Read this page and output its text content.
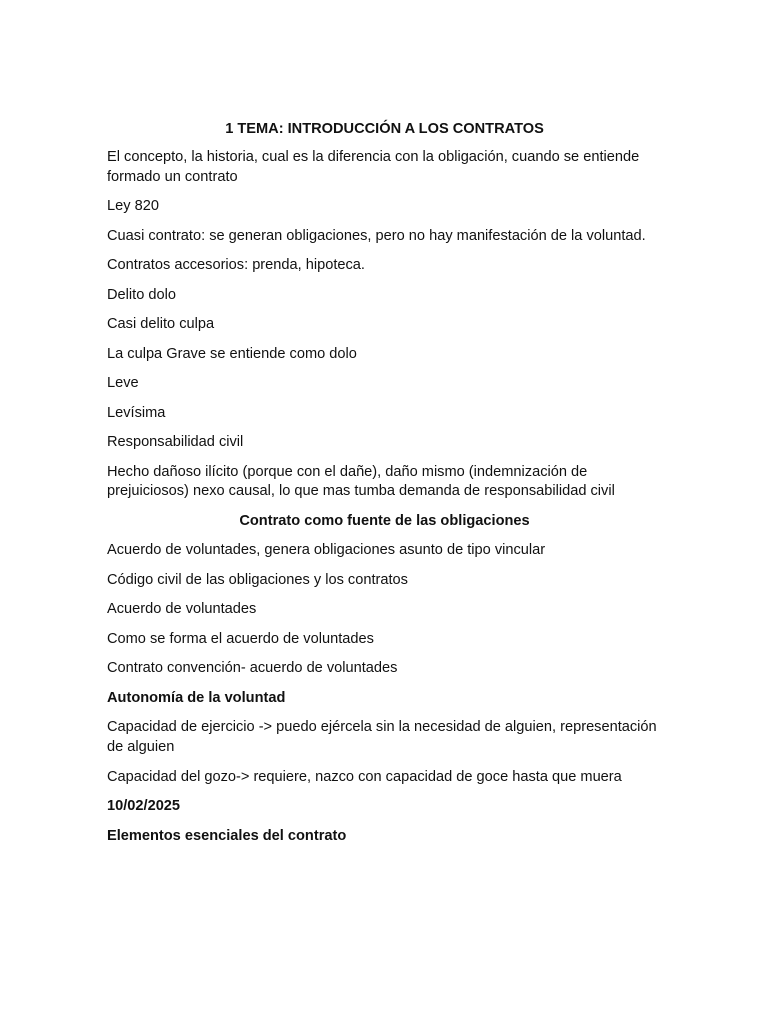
1 TEMA: INTRODUCCIÓN A LOS CONTRATOS

El concepto, la historia, cual es la diferencia con la obligación, cuando se entiende formado un contrato

Ley 820

Cuasi contrato: se generan obligaciones, pero no hay manifestación de la voluntad.

Contratos accesorios: prenda, hipoteca.

Delito dolo

Casi delito culpa

La culpa Grave se entiende como dolo

Leve

Levísima

Responsabilidad civil

Hecho dañoso ilícito (porque con el dañe), daño mismo (indemnización de prejuiciosos) nexo causal, lo que mas tumba demanda de responsabilidad civil

Contrato como fuente de las obligaciones

Acuerdo de voluntades, genera obligaciones asunto de tipo vincular

Código civil de las obligaciones y los contratos

Acuerdo de voluntades

Como se forma el acuerdo de voluntades

Contrato convención- acuerdo de voluntades

Autonomía de la voluntad

Capacidad de ejercicio -> puedo ejércela sin la necesidad de alguien, representación de alguien

Capacidad del gozo-> requiere, nazco con capacidad de goce hasta que muera

10/02/2025

Elementos esenciales del contrato
